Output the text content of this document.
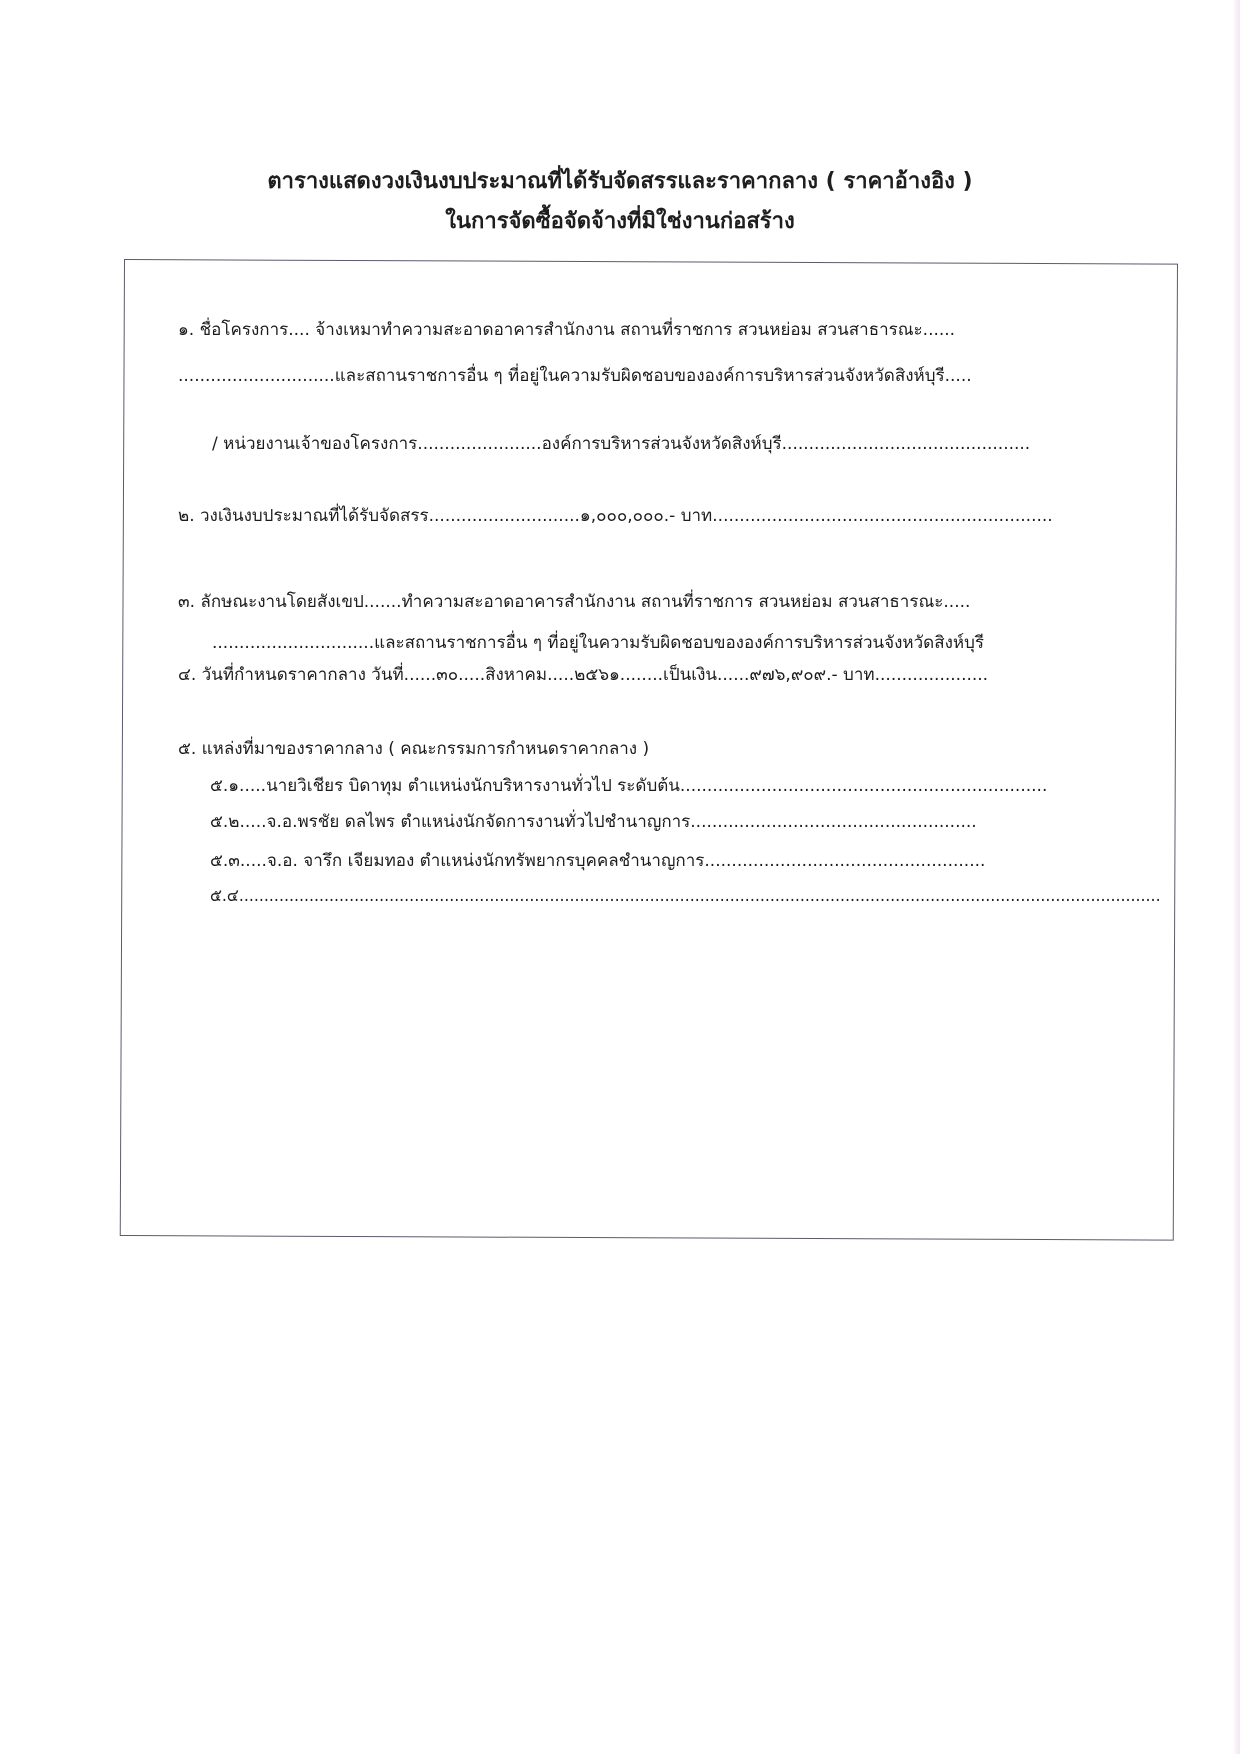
ตารางแสดงวงเงินงบประมาณที่ได้รับจัดสรรและราคากลาง ( ราคาอ้างอิง )
ในการจัดซื้อจัดจ้างที่มิใช่งานก่อสร้าง
๑. ชื่อโครงการ.... จ้างเหมาทำความสะอาดอาคารสำนักงาน สถานที่ราชการ สวนหย่อม สวนสาธารณะ......
.............................และสถานราชการอื่น ๆ ที่อยู่ในความรับผิดชอบขององค์การบริหารส่วนจังหวัดสิงห์บุรี.....
/ หน่วยงานเจ้าของโครงการ.......................องค์การบริหารส่วนจังหวัดสิงห์บุรี..............................................
๒. วงเงินงบประมาณที่ได้รับจัดสรร............................๑,๐๐๐,๐๐๐.- บาท...............................................................
๓. ลักษณะงานโดยสังเขป.......ทำความสะอาดอาคารสำนักงาน สถานที่ราชการ สวนหย่อม สวนสาธารณะ.....
..............................และสถานราชการอื่น ๆ ที่อยู่ในความรับผิดชอบขององค์การบริหารส่วนจังหวัดสิงห์บุรี
๔. วันที่กำหนดราคากลาง วันที่......๓๐.....สิงหาคม.....๒๕๖๑........เป็นเงิน......๙๗๖,๙๐๙.- บาท.....................
๕. แหล่งที่มาของราคากลาง ( คณะกรรมการกำหนดราคากลาง )
๕.๑.....นายวิเชียร บิดาทุม ตำแหน่งนักบริหารงานทั่วไป ระดับต้น....................................................................
๕.๒.....จ.อ.พรชัย ดลไพร ตำแหน่งนักจัดการงานทั่วไปชำนาญการ.....................................................
๕.๓.....จ.อ. จารึก เจียมทอง ตำแหน่งนักทรัพยากรบุคคลชำนาญการ....................................................
๕.๔........................................................................................................................................................................................
